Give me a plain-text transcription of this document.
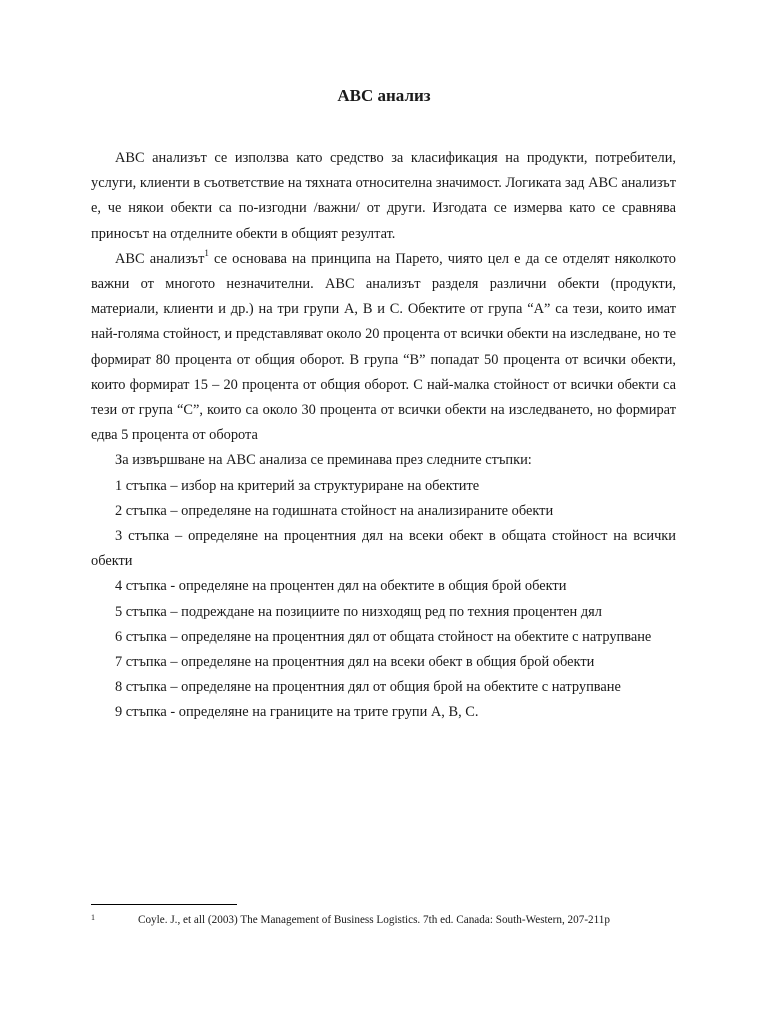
ABC анализ

ABC анализът се използва като средство за класификация на продукти, потребители, услуги, клиенти в съответствие на тяхната относителна значимост. Логиката зад ABC анализът е, че някои обекти са по-изгодни /важни/ от други. Изгодата се измерва като се сравнява приносът на отделните обекти в общият резултат.

ABC анализът$^1$ се основава на принципа на Парето, чиято цел е да се отделят няколкото важни от многото незначителни. ABC анализът разделя различни обекти (продукти, материали, клиенти и др.) на три групи А, В и С. Обектите от група “А” са тези, които имат най-голяма стойност, и представляват около 20 процента от всички обекти на изследване, но те формират 80 процента от общия оборот. В група “В” попадат 50 процента от всички обекти, които формират 15 – 20 процента от общия оборот. С най-малка стойност от всички обекти са тези от група “С”, които са около 30 процента от всички обекти на изследването, но формират едва 5 процента от оборота

За извършване на ABC анализа се преминава през следните стъпки:

1 стъпка – избор на критерий за структуриране на обектите

2 стъпка – определяне на годишната стойност на анализираните обекти

3 стъпка – определяне на процентния дял на всеки обект в общата стойност на всички обекти

4 стъпка - определяне на процентен дял на обектите в общия брой обекти

5 стъпка – подреждане на позициите по низходящ ред по техния процентен дял

6 стъпка – определяне на процентния дял от общата стойност на обектите с натрупване

7 стъпка – определяне на процентния дял на всеки обект в общия брой обекти

8 стъпка – определяне на процентния дял от общия брой на обектите с натрупване

9 стъпка - определяне на границите на трите групи А, В, С.

1	Coyle. J., et all (2003) The Management of Business Logistics. 7th ed. Canada: South-Western, 207-211p
